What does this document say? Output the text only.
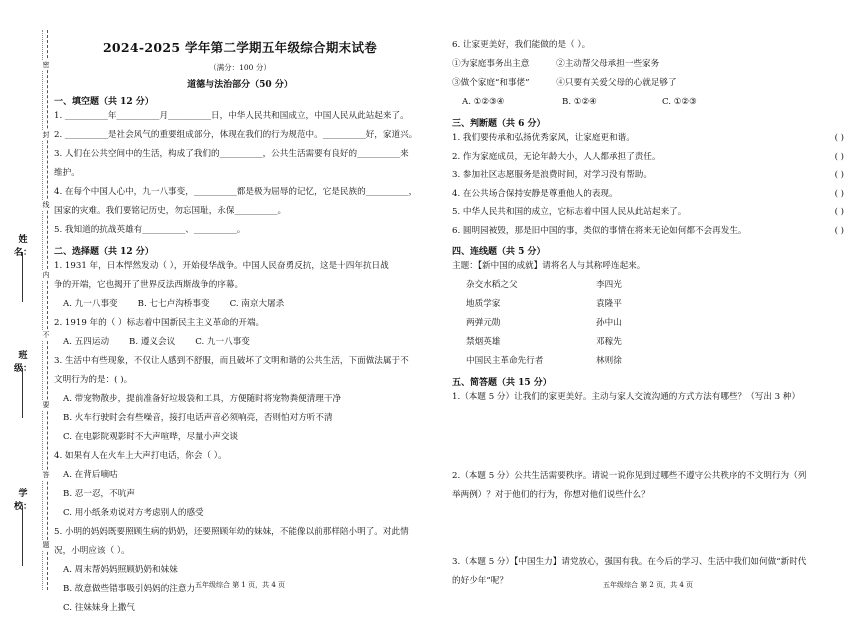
姓名：
班级：
学校：
密
封
线
内
不
要
答
题
2024-2025 学年第二学期五年级综合期末试卷
（满分：100 分）
道德与法治部分（50 分）
一、填空题（共 12 分）
1. __________年__________月__________日，中华人民共和国成立，中国人民从此站起来了。
2. __________是社会风气的重要组成部分，体现在我们的行为规范中。__________好，家道兴。
3. 人们在公共空间中的生活，构成了我们的__________，公共生活需要有良好的__________来
维护。
4. 在每个中国人心中，九一八事变，__________都是极为屈辱的记忆，它是民族的__________，
国家的灾难。我们要铭记历史，勿忘国耻，永保__________。
5. 我知道的抗战英雄有__________、__________。
二、选择题（共 12 分）
1. 1931 年，日本悍然发动（ ），开始侵华战争。中国人民奋勇反抗，这是十四年抗日战
争的开端，它也揭开了世界反法西斯战争的序幕。
A. 九一八事变 B. 七七卢沟桥事变 C. 南京大屠杀
2. 1919 年的（ ）标志着中国新民主主义革命的开端。
A. 五四运动 B. 遵义会议 C. 九一八事变
3. 生活中有些现象，不仅让人感到不舒服，而且破坏了文明和谐的公共生活，下面做法属于不
文明行为的是：( )。
A. 带宠物散步，提前准备好垃圾袋和工具，方便随时将宠物粪便清理干净
B. 火车行驶时会有些噪音，接打电话声音必须响亮，否则怕对方听不清
C. 在电影院观影时不大声喧哗，尽量小声交谈
4. 如果有人在火车上大声打电话，你会（ ）。
A. 在背后嘀咕
B. 忍一忍，不吭声
C. 用小纸条劝说对方考虑别人的感受
5. 小明的妈妈既要照顾生病的奶奶，还要照顾年幼的妹妹，不能像以前那样陪小明了。对此情
况，小明应该（ ）。
A. 周末帮妈妈照顾奶奶和妹妹
B. 故意做些错事吸引妈妈的注意力
C. 往妹妹身上撒气
五年级综合 第 1 页，共 4 页
6. 让家更美好，我们能做的是（ ）。
①为家庭事务出主意	②主动帮父母承担一些家务
③做个家庭“和事佬”	④只要有关爱父母的心就足够了
A. ①②③④	B. ①②④	C. ①②③
三、判断题（共 6 分）
1. 我们要传承和弘扬优秀家风，让家庭更和谐。	( )
2. 作为家庭成员，无论年龄大小，人人都承担了责任。	( )
3. 参加社区志愿服务是浪费时间，对学习没有帮助。	( )
4. 在公共场合保持安静是尊重他人的表现。	( )
5. 中华人民共和国的成立，它标志着中国人民从此站起来了。	( )
6. 圆明园被毁，那是旧中国的事，类似的事情在将来无论如何都不会再发生。	( )
四、连线题（共 5 分）
主题：【新中国的成就】请将名人与其称呼连起来。
杂交水稻之父	李四光
地质学家	袁隆平
两弹元勋	孙中山
禁烟英雄	邓稼先
中国民主革命先行者	林则徐
五、简答题（共 15 分）
1.（本题 5 分）让我们的家更美好。主动与家人交流沟通的方式方法有哪些？（写出 3 种）
2.（本题 5 分）公共生活需要秩序。请说一说你见到过哪些不遵守公共秩序的不文明行为（列
举两例）？对于他们的行为，你想对他们说些什么？
3.（本题 5 分）【中国生力】请党放心，强国有我。在今后的学习、生活中我们如何做“新时代
的好少年”呢？	五年级综合 第 2 页，共 4 页
